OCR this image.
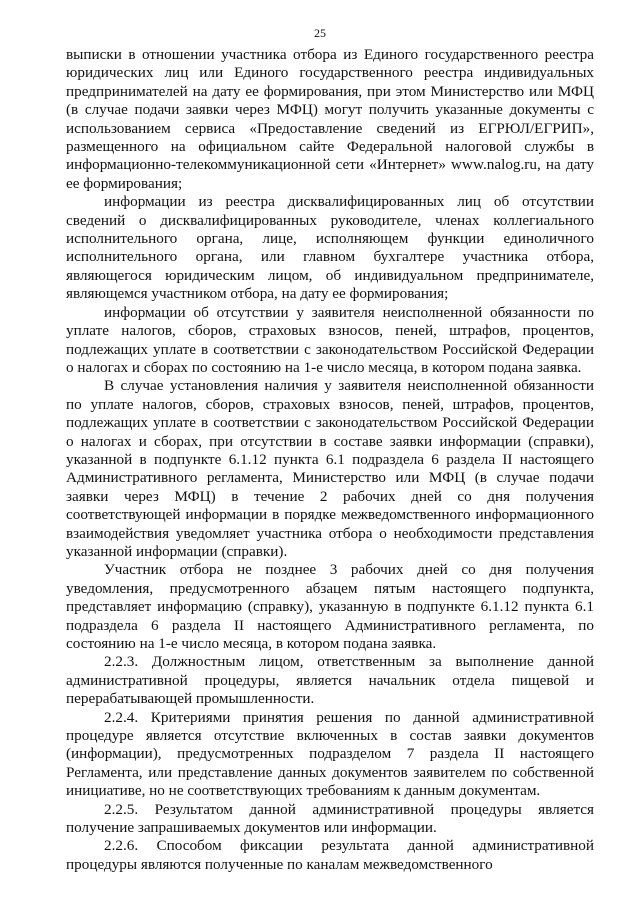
25

выписки в отношении участника отбора из Единого государственного реестра юридических лиц или Единого государственного реестра индивидуальных предпринимателей на дату ее формирования, при этом Министерство или МФЦ (в случае подачи заявки через МФЦ) могут получить указанные документы с использованием сервиса «Предоставление сведений из ЕГРЮЛ/ЕГРИП», размещенного на официальном сайте Федеральной налоговой службы в информационно-телекоммуникационной сети «Интернет» www.nalog.ru, на дату ее формирования;

информации из реестра дисквалифицированных лиц об отсутствии сведений о дисквалифицированных руководителе, членах коллегиального исполнительного органа, лице, исполняющем функции единоличного исполнительного органа, или главном бухгалтере участника отбора, являющегося юридическим лицом, об индивидуальном предпринимателе, являющемся участником отбора, на дату ее формирования;

информации об отсутствии у заявителя неисполненной обязанности по уплате налогов, сборов, страховых взносов, пеней, штрафов, процентов, подлежащих уплате в соответствии с законодательством Российской Федерации о налогах и сборах по состоянию на 1-е число месяца, в котором подана заявка.

В случае установления наличия у заявителя неисполненной обязанности по уплате налогов, сборов, страховых взносов, пеней, штрафов, процентов, подлежащих уплате в соответствии с законодательством Российской Федерации о налогах и сборах, при отсутствии в составе заявки информации (справки), указанной в подпункте 6.1.12 пункта 6.1 подраздела 6 раздела II настоящего Административного регламента, Министерство или МФЦ (в случае подачи заявки через МФЦ) в течение 2 рабочих дней со дня получения соответствующей информации в порядке межведомственного информационного взаимодействия уведомляет участника отбора о необходимости представления указанной информации (справки).

Участник отбора не позднее 3 рабочих дней со дня получения уведомления, предусмотренного абзацем пятым настоящего подпункта, представляет информацию (справку), указанную в подпункте 6.1.12 пункта 6.1 подраздела 6 раздела II настоящего Административного регламента, по состоянию на 1-е число месяца, в котором подана заявка.

2.2.3. Должностным лицом, ответственным за выполнение данной административной процедуры, является начальник отдела пищевой и перерабатывающей промышленности.

2.2.4. Критериями принятия решения по данной административной процедуре является отсутствие включенных в состав заявки документов (информации), предусмотренных подразделом 7 раздела II настоящего Регламента, или представление данных документов заявителем по собственной инициативе, но не соответствующих требованиям к данным документам.

2.2.5. Результатом данной административной процедуры является получение запрашиваемых документов или информации.

2.2.6. Способом фиксации результата данной административной процедуры являются полученные по каналам межведомственного
